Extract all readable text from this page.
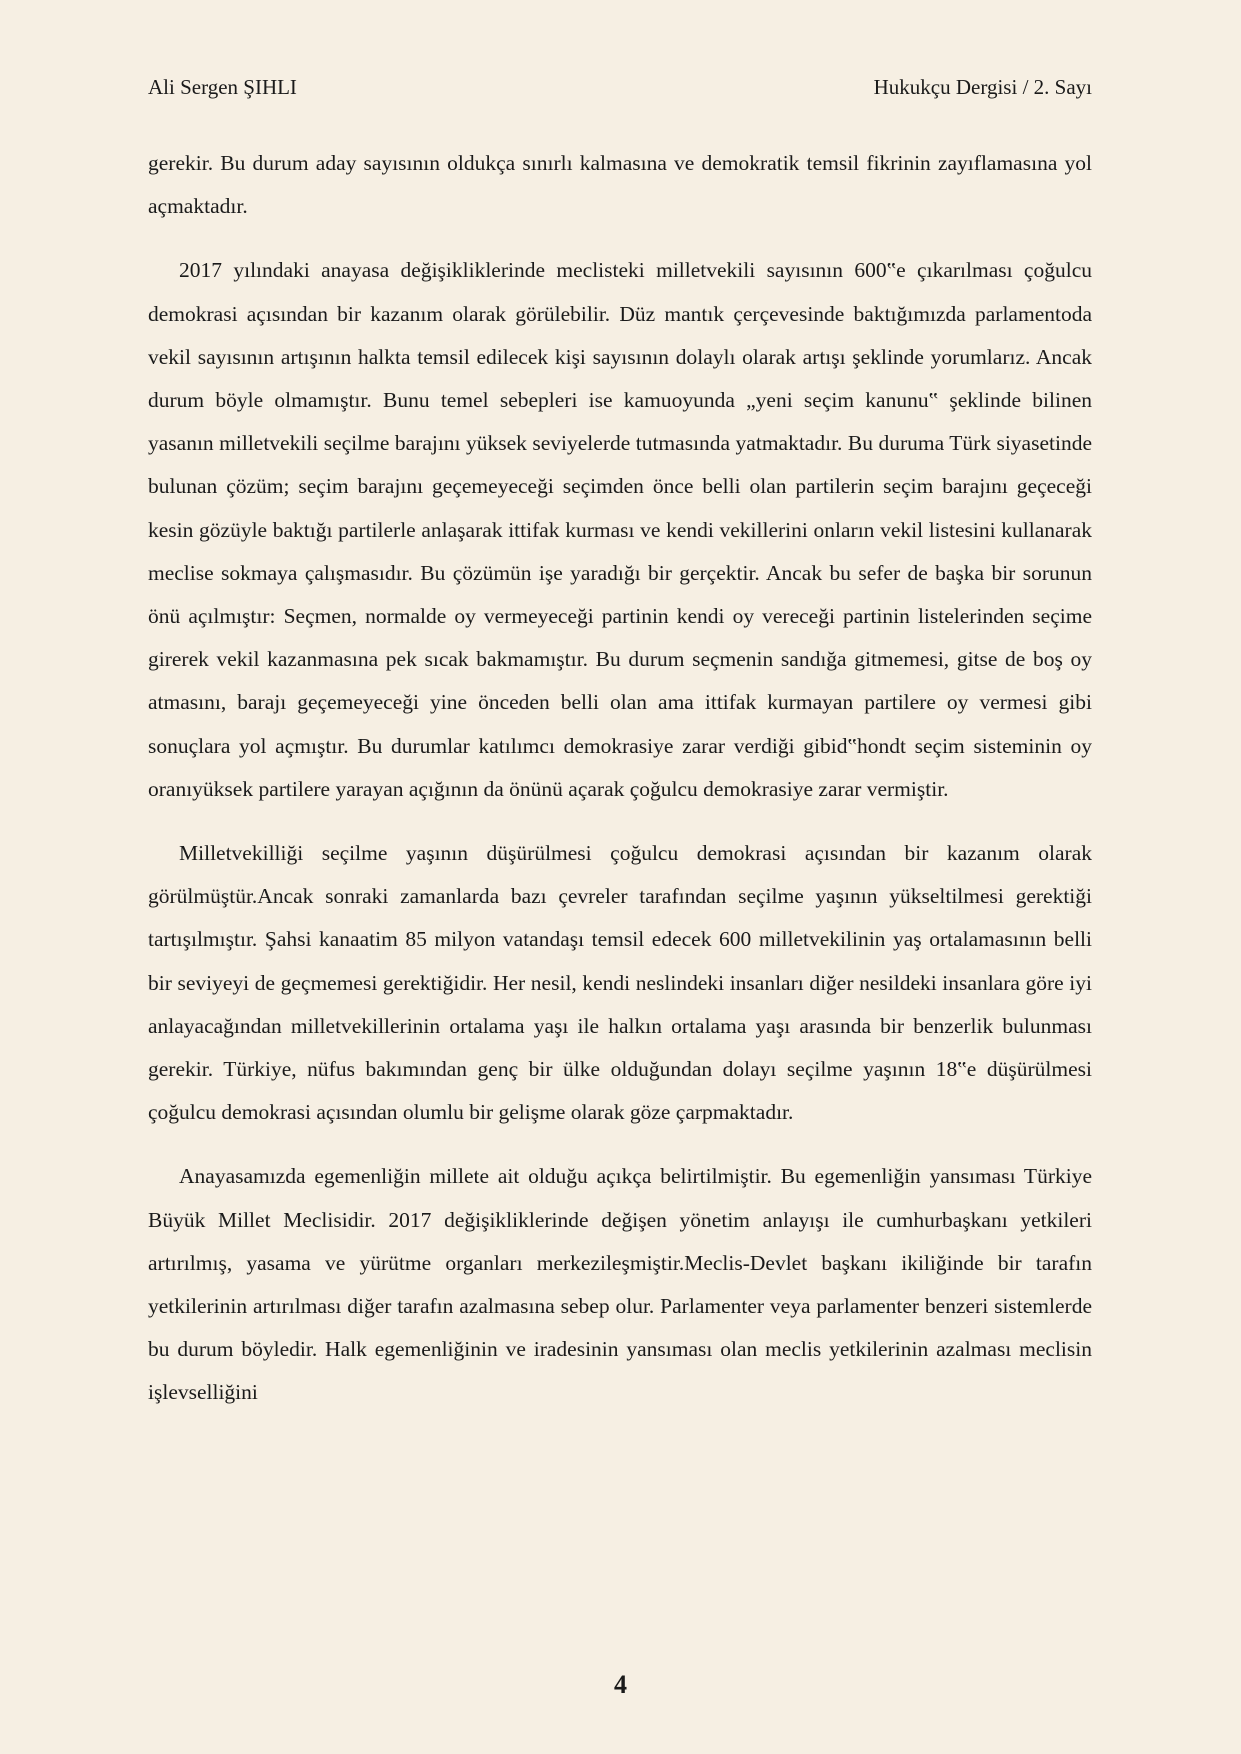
Ali Sergen ŞIHLI	Hukukçu Dergisi / 2. Sayı

gerekir. Bu durum aday sayısının oldukça sınırlı kalmasına ve demokratik temsil fikrinin zayıflamasına yol açmaktadır.

2017 yılındaki anayasa değişikliklerinde meclisteki milletvekili sayısının 600‟e çıkarılması çoğulcu demokrasi açısından bir kazanım olarak görülebilir. Düz mantık çerçevesinde baktığımızda parlamentoda vekil sayısının artışının halkta temsil edilecek kişi sayısının dolaylı olarak artışı şeklinde yorumlarız. Ancak durum böyle olmamıştır. Bunu temel sebepleri ise kamuoyunda „yeni seçim kanunu‟ şeklinde bilinen yasanın milletvekili seçilme barajını yüksek seviyelerde tutmasında yatmaktadır. Bu duruma Türk siyasetinde bulunan çözüm; seçim barajını geçemeyeceği seçimden önce belli olan partilerin seçim barajını geçeceği kesin gözüyle baktığı partilerle anlaşarak ittifak kurması ve kendi vekillerini onların vekil listesini kullanarak meclise sokmaya çalışmasıdır. Bu çözümün işe yaradığı bir gerçektir. Ancak bu sefer de başka bir sorunun önü açılmıştır: Seçmen, normalde oy vermeyeceği partinin kendi oy vereceği partinin listelerinden seçime girerek vekil kazanmasına pek sıcak bakmamıştır. Bu durum seçmenin sandığa gitmemesi, gitse de boş oy atmasını, barajı geçemeyeceği yine önceden belli olan ama ittifak kurmayan partilere oy vermesi gibi sonuçlara yol açmıştır. Bu durumlar katılımcı demokrasiye zarar verdiği gibid‟hondt seçim sisteminin oy oranıyüksek partilere yarayan açığının da önünü açarak çoğulcu demokrasiye zarar vermiştir.

Milletvekilliği seçilme yaşının düşürülmesi çoğulcu demokrasi açısından bir kazanım olarak görülmüştür.Ancak sonraki zamanlarda bazı çevreler tarafından seçilme yaşının yükseltilmesi gerektiği tartışılmıştır. Şahsi kanaatim 85 milyon vatandaşı temsil edecek 600 milletvekilinin yaş ortalamasının belli bir seviyeyi de geçmemesi gerektiğidir. Her nesil, kendi neslindeki insanları diğer nesildeki insanlara göre iyi anlayacağından milletvekillerinin ortalama yaşı ile halkın ortalama yaşı arasında bir benzerlik bulunması gerekir. Türkiye, nüfus bakımından genç bir ülke olduğundan dolayı seçilme yaşının 18‟e düşürülmesi çoğulcu demokrasi açısından olumlu bir gelişme olarak göze çarpmaktadır.

Anayasamızda egemenliğin millete ait olduğu açıkça belirtilmiştir. Bu egemenliğin yansıması Türkiye Büyük Millet Meclisidir. 2017 değişikliklerinde değişen yönetim anlayışı ile cumhurbaşkanı yetkileri artırılmış, yasama ve yürütme organları merkezileşmiştir.Meclis-Devlet başkanı ikiliğinde bir tarafın yetkilerinin artırılması diğer tarafın azalmasına sebep olur. Parlamenter veya parlamenter benzeri sistemlerde bu durum böyledir. Halk egemenliğinin ve iradesinin yansıması olan meclis yetkilerinin azalması meclisin işlevselliğini

4
